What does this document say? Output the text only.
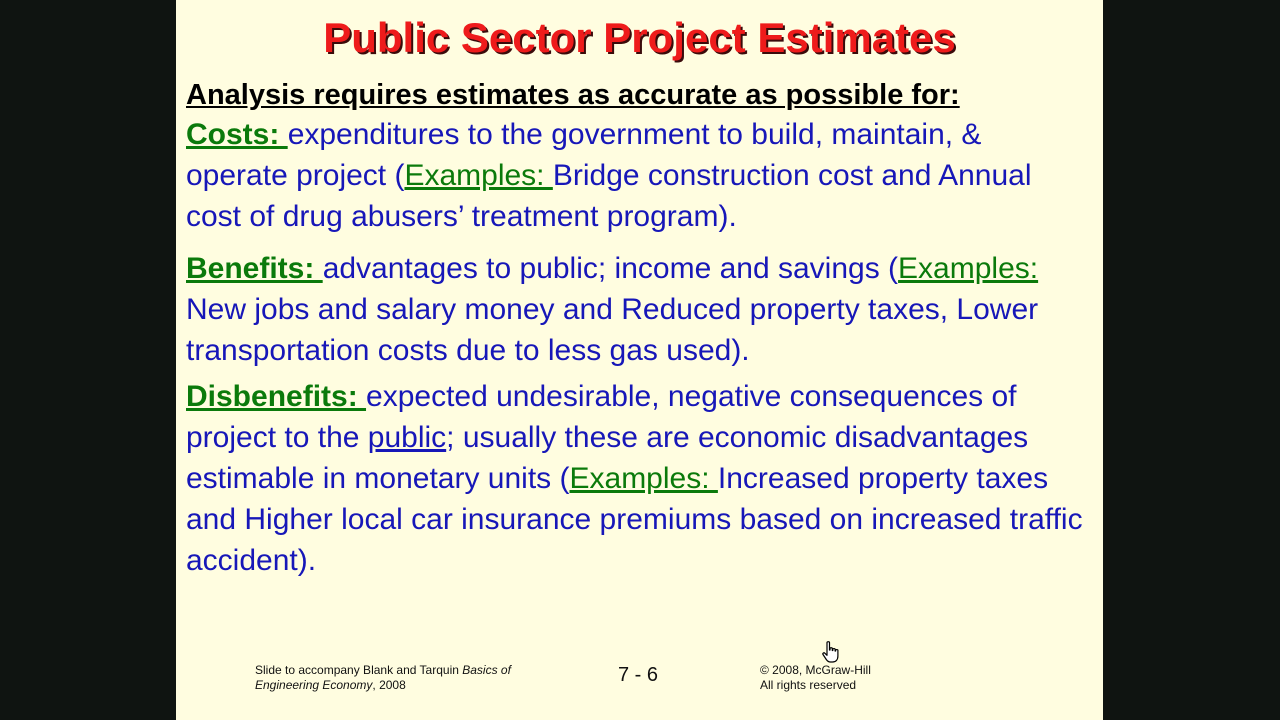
Public Sector Project Estimates

Analysis requires estimates as accurate as possible for:

Costs: expenditures to the government to build, maintain, & operate project (Examples: Bridge construction cost and Annual cost of drug abusers’ treatment program).

Benefits: advantages to public; income and savings (Examples: New jobs and salary money and Reduced property taxes, Lower transportation costs due to less gas used).

Disbenefits: expected undesirable, negative consequences of project to the public; usually these are economic disadvantages estimable in monetary units (Examples: Increased property taxes and Higher local car insurance premiums based on increased traffic accident).

Slide to accompany Blank and Tarquin Basics of Engineering Economy, 2008	7 - 6	© 2008, McGraw-Hill
All rights reserved
